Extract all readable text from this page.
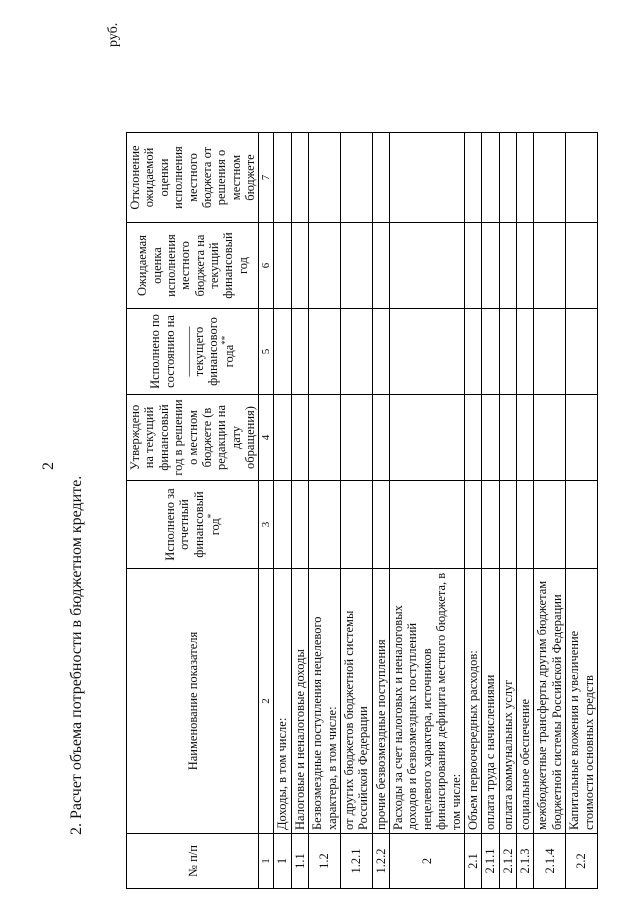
2
2. Расчет объема потребности в бюджетном кредите.
руб.
№ п/п	Наименование показателя	Исполнено за отчетный финансовый год*	Утверждено на текущий финансовый год в решении о местном бюджете (в редакции на дату обращения)	Исполнено по состоянию на
________
текущего финансового года**	Ожидаемая оценка исполнения местного бюджета на текущий финансовый год	Отклонение ожидаемой оценки исполнения местного бюджета от решения о местном бюджете
1	2	3	4	5	6	7
1	Доходы, в том числе:					
1.1	Налоговые и неналоговые доходы					
1.2	Безвозмездные поступления нецелевого характера, в том числе:					
1.2.1	от других бюджетов бюджетной системы Российской Федерации					
1.2.2	прочие безвозмездные поступления					
2	Расходы за счет налоговых и неналоговых доходов и безвозмездных поступлений нецелевого характера, источников финансирования дефицита местного бюджета, в том числе:					
2.1	Объем первоочередных расходов:					
2.1.1	оплата труда с начислениями					
2.1.2	оплата коммунальных услуг					
2.1.3	социальное обеспечение					
2.1.4	межбюджетные трансферты другим бюджетам бюджетной системы Российской Федерации					
2.2	Капитальные вложения и увеличение стоимости основных средств					
